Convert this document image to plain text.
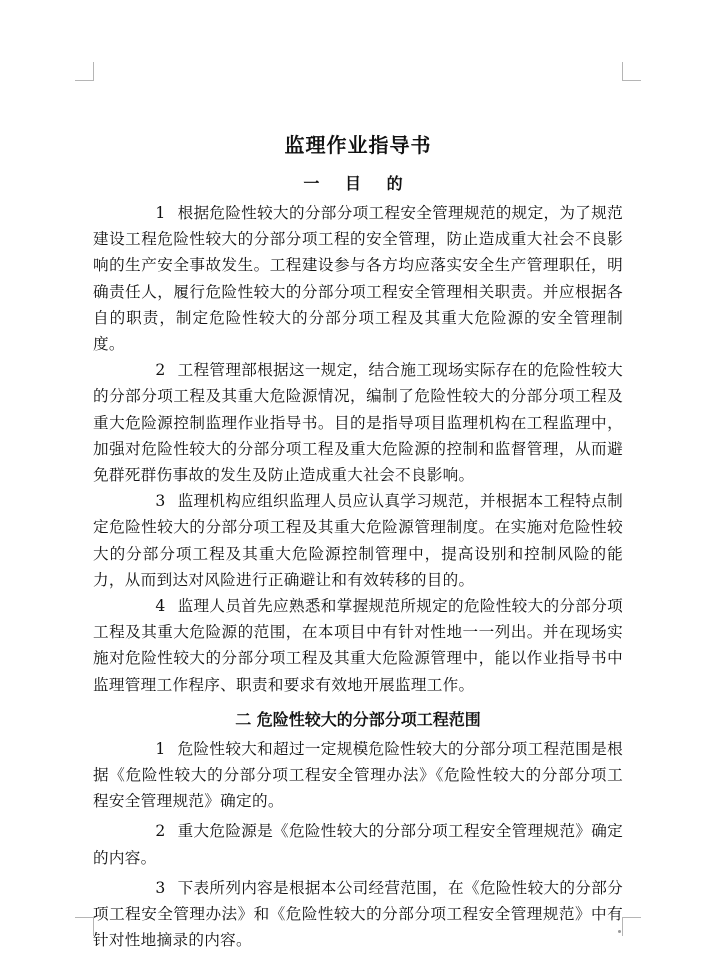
监理作业指导书
一 目 的

1 根据危险性较大的分部分项工程安全管理规范的规定，为了规范建设工程危险性较大的分部分项工程的安全管理，防止造成重大社会不良影响的生产安全事故发生。工程建设参与各方均应落实安全生产管理职任，明确责任人，履行危险性较大的分部分项工程安全管理相关职责。并应根据各自的职责，制定危险性较大的分部分项工程及其重大危险源的安全管理制度。

2 工程管理部根据这一规定，结合施工现场实际存在的危险性较大的分部分项工程及其重大危险源情况，编制了危险性较大的分部分项工程及重大危险源控制监理作业指导书。目的是指导项目监理机构在工程监理中，加强对危险性较大的分部分项工程及重大危险源的控制和监督管理，从而避免群死群伤事故的发生及防止造成重大社会不良影响。

3 监理机构应组织监理人员应认真学习规范，并根据本工程特点制定危险性较大的分部分项工程及其重大危险源管理制度。在实施对危险性较大的分部分项工程及其重大危险源控制管理中，提高设别和控制风险的能力，从而到达对风险进行正确避让和有效转移的目的。

4 监理人员首先应熟悉和掌握规范所规定的危险性较大的分部分项工程及其重大危险源的范围，在本项目中有针对性地一一列出。并在现场实施对危险性较大的分部分项工程及其重大危险源管理中，能以作业指导书中监理管理工作程序、职责和要求有效地开展监理工作。

二 危险性较大的分部分项工程范围

1 危险性较大和超过一定规模危险性较大的分部分项工程范围是根据《危险性较大的分部分项工程安全管理办法》《危险性较大的分部分项工程安全管理规范》确定的。

2 重大危险源是《危险性较大的分部分项工程安全管理规范》确定的内容。

3 下表所列内容是根据本公司经营范围，在《危险性较大的分部分项工程安全管理办法》和《危险性较大的分部分项工程安全管理规范》中有针对性地摘录的内容。
